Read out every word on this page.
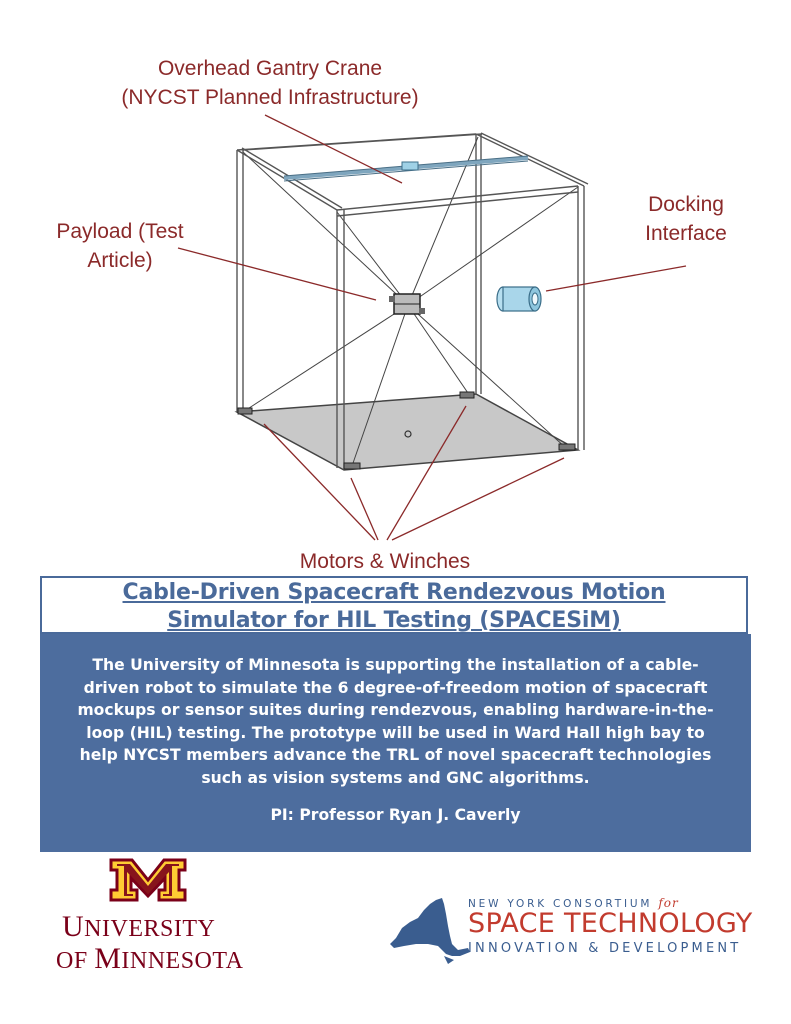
Overhead Gantry Crane
(NYCST Planned Infrastructure)
Payload (Test
Article)
Docking
Interface
Motors & Winches
Cable-Driven Spacecraft Rendezvous Motion
Simulator for HIL Testing (SPACESiM)
The University of Minnesota is supporting the installation of a cable-
driven robot to simulate the 6 degree-of-freedom motion of spacecraft
mockups or sensor suites during rendezvous, enabling hardware-in-the-
loop (HIL) testing. The prototype will be used in Ward Hall high bay to
help NYCST members advance the TRL of novel spacecraft technologies
such as vision systems and GNC algorithms.
PI: Professor Ryan J. Caverly
UNIVERSITY
OF MINNESOTA
NEW YORK CONSORTIUM for
SPACE TECHNOLOGY
INNOVATION & DEVELOPMENT
